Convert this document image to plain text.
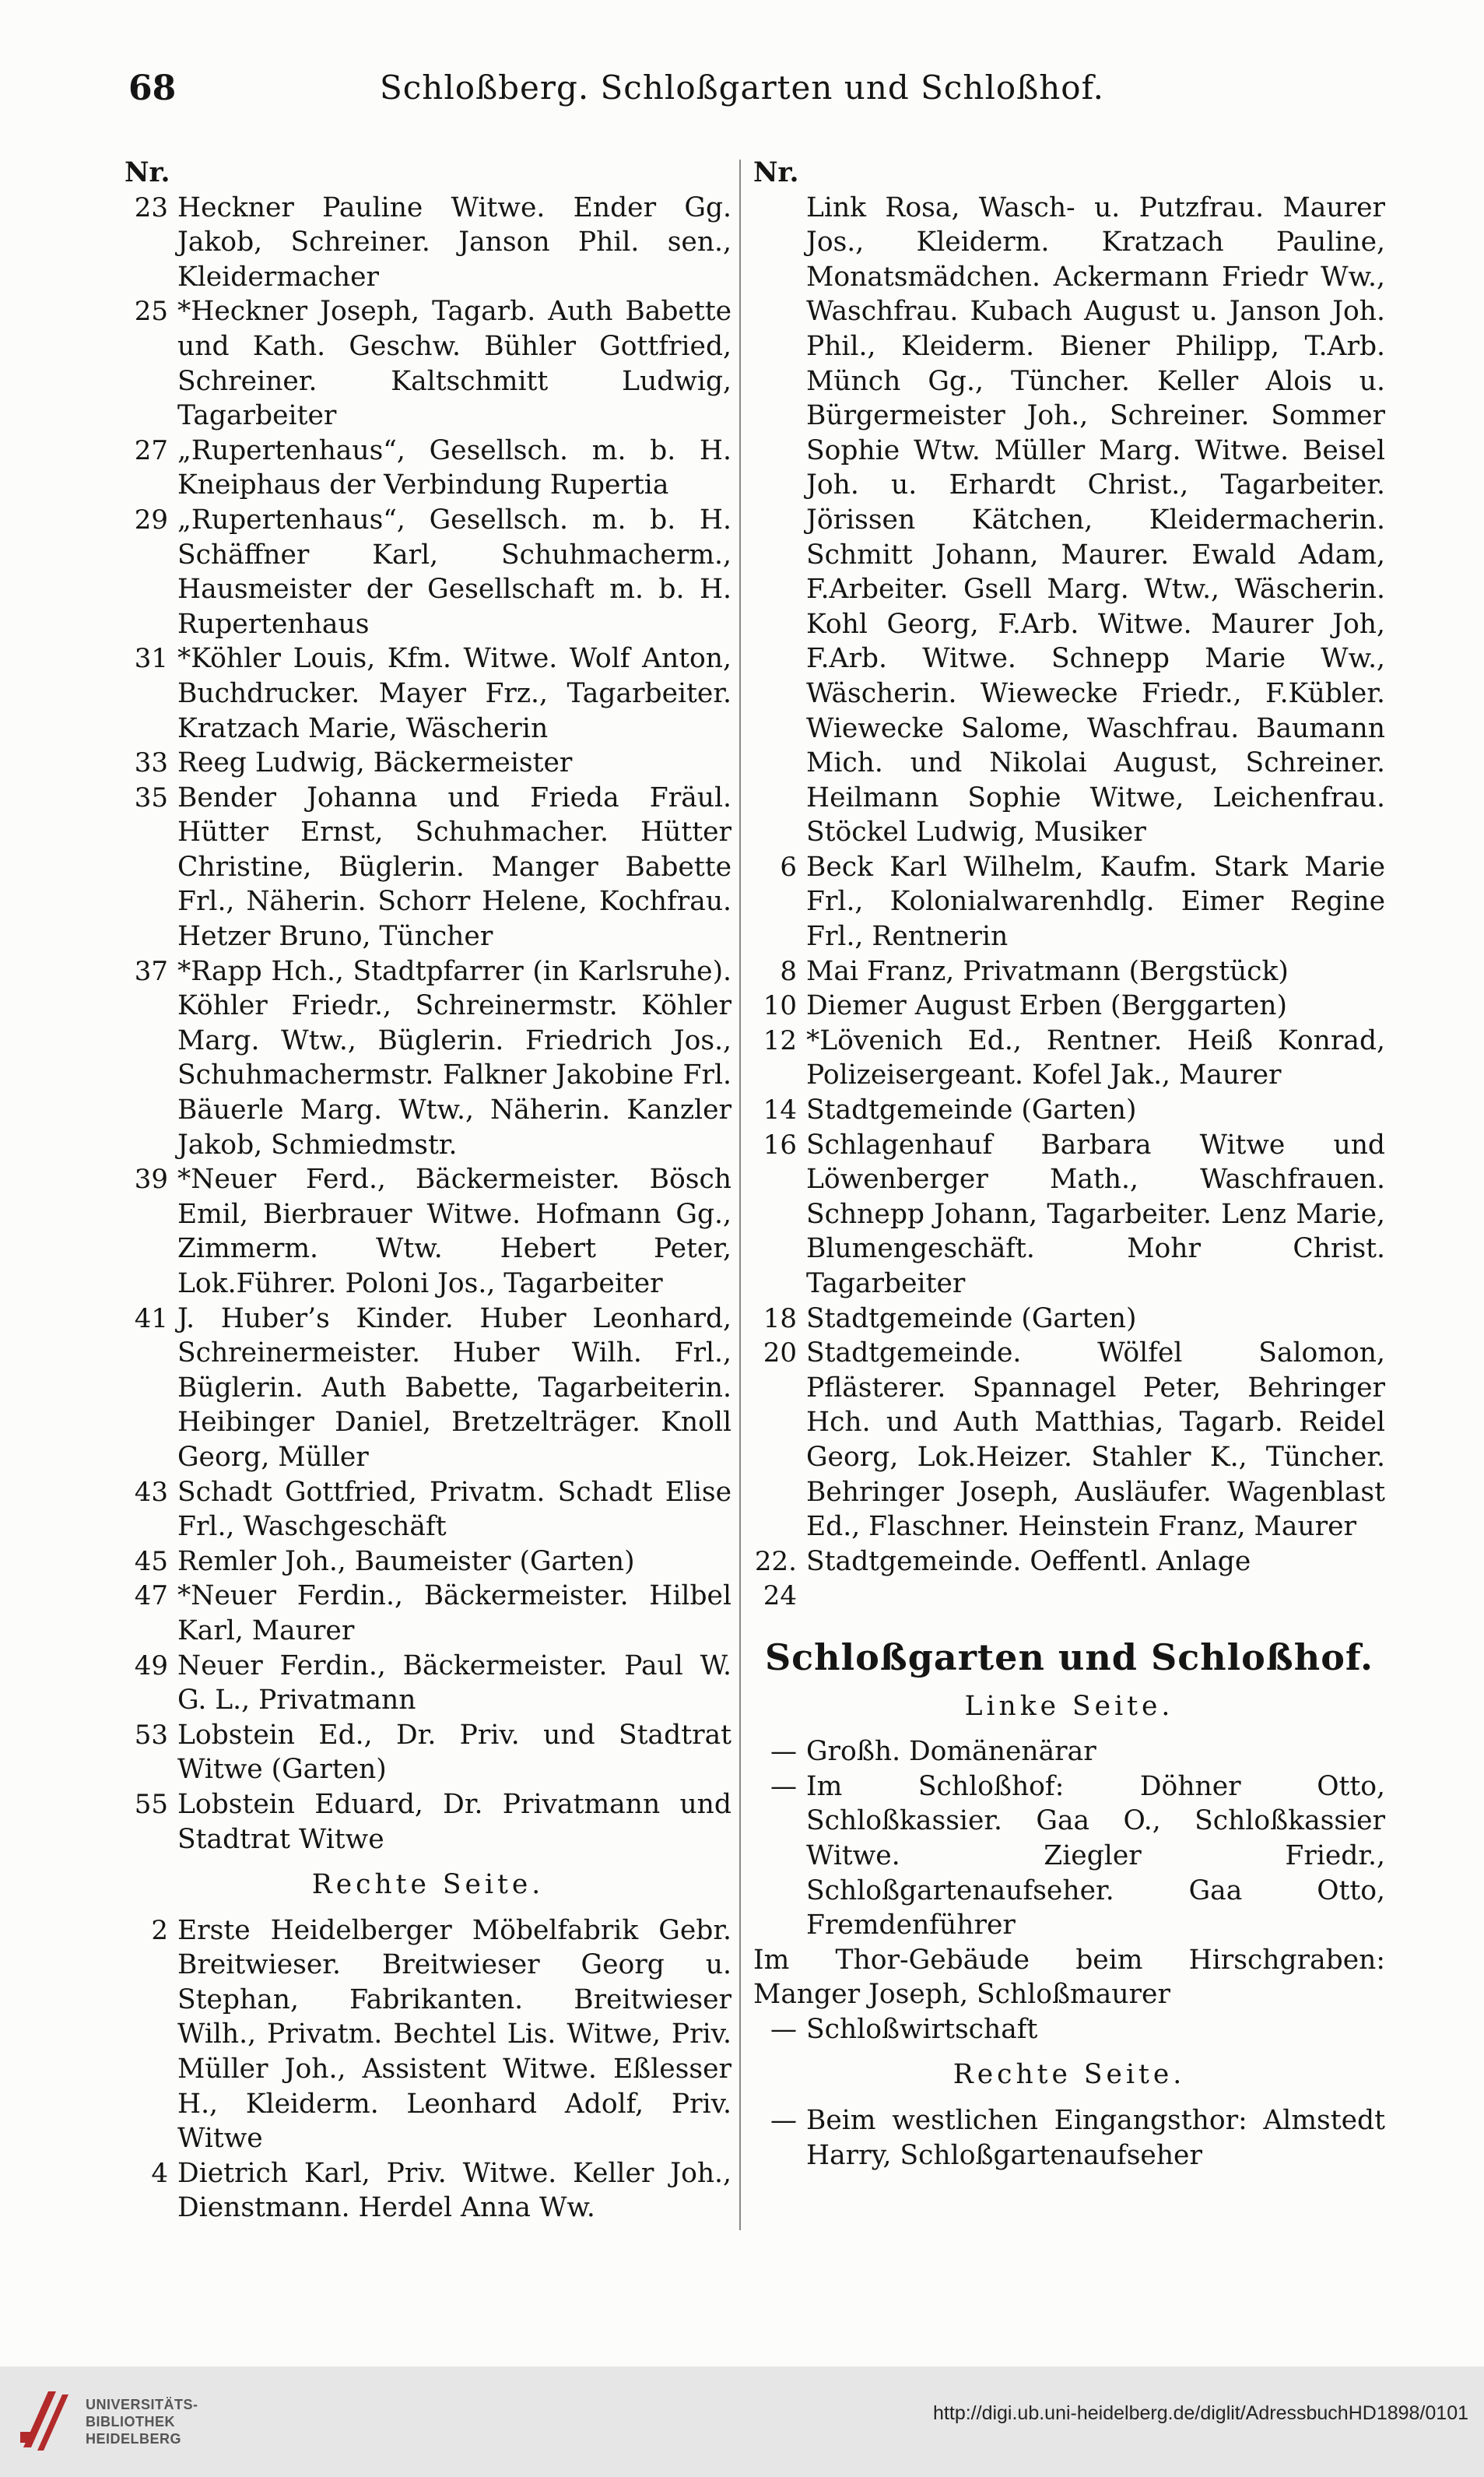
Schloßberg. Schloßgarten und Schloßhof.
68
Nr.
23 Heckner Pauline Witwe. Ender Gg. Jakob, Schreiner. Janson Phil. sen., Kleidermacher
25 *Heckner Joseph, Tagarb. Auth Babette und Kath. Geschw. Bühler Gottfried, Schreiner. Kaltschmitt Ludwig, Tagarbeiter
27 „Rupertenhaus“, Gesellsch. m. b. H. Kneiphaus der Verbindung Rupertia
29 „Rupertenhaus“, Gesellsch. m. b. H. Schäffner Karl, Schuhmacherm., Hausmeister der Gesellschaft m. b. H. Rupertenhaus
31 *Köhler Louis, Kfm. Witwe. Wolf Anton, Buchdrucker. Mayer Frz., Tagarbeiter. Kratzach Marie, Wäscherin
33 Reeg Ludwig, Bäckermeister
35 Bender Johanna und Frieda Fräul. Hütter Ernst, Schuhmacher. Hütter Christine, Büglerin. Manger Babette Frl., Näherin. Schorr Helene, Kochfrau. Hetzer Bruno, Tüncher
37 *Rapp Hch., Stadtpfarrer (in Karlsruhe). Köhler Friedr., Schreinermstr. Köhler Marg. Wtw., Büglerin. Friedrich Jos., Schuhmachermstr. Falkner Jakobine Frl. Bäuerle Marg. Wtw., Näherin. Kanzler Jakob, Schmiedmstr.
39 *Neuer Ferd., Bäckermeister. Bösch Emil, Bierbrauer Witwe. Hofmann Gg., Zimmerm. Wtw. Hebert Peter, Lok.Führer. Poloni Jos., Tagarbeiter
41 J. Huber’s Kinder. Huber Leonhard, Schreinermeister. Huber Wilh. Frl., Büglerin. Auth Babette, Tagarbeiterin. Heibinger Daniel, Bretzelträger. Knoll Georg, Müller
43 Schadt Gottfried, Privatm. Schadt Elise Frl., Waschgeschäft
45 Remler Joh., Baumeister (Garten)
47 *Neuer Ferdin., Bäckermeister. Hilbel Karl, Maurer
49 Neuer Ferdin., Bäckermeister. Paul W. G. L., Privatmann
53 Lobstein Ed., Dr. Priv. und Stadtrat Witwe (Garten)
55 Lobstein Eduard, Dr. Privatmann und Stadtrat Witwe
Rechte Seite.
2 Erste Heidelberger Möbelfabrik Gebr. Breitwieser. Breitwieser Georg u. Stephan, Fabrikanten. Breitwieser Wilh., Privatm. Bechtel Lis. Witwe, Priv. Müller Joh., Assistent Witwe. Eßlesser H., Kleiderm. Leonhard Adolf, Priv. Witwe
4 Dietrich Karl, Priv. Witwe. Keller Joh., Dienstmann. Herdel Anna Ww.
Nr.
Link Rosa, Wasch- u. Putzfrau. Maurer Jos., Kleiderm. Kratzach Pauline, Monatsmädchen. Ackermann Friedr Ww., Waschfrau. Kubach August u. Janson Joh. Phil., Kleiderm. Biener Philipp, T.Arb. Münch Gg., Tüncher. Keller Alois u. Bürgermeister Joh., Schreiner. Sommer Sophie Wtw. Müller Marg. Witwe. Beisel Joh. u. Erhardt Christ., Tagarbeiter. Jörissen Kätchen, Kleidermacherin. Schmitt Johann, Maurer. Ewald Adam, F.Arbeiter. Gsell Marg. Wtw., Wäscherin. Kohl Georg, F.Arb. Witwe. Maurer Joh, F.Arb. Witwe. Schnepp Marie Ww., Wäscherin. Wiewecke Friedr., F.Kübler. Wiewecke Salome, Waschfrau. Baumann Mich. und Nikolai August, Schreiner. Heilmann Sophie Witwe, Leichenfrau. Stöckel Ludwig, Musiker
6 Beck Karl Wilhelm, Kaufm. Stark Marie Frl., Kolonialwarenhdlg. Eimer Regine Frl., Rentnerin
8 Mai Franz, Privatmann (Bergstück)
10 Diemer August Erben (Berggarten)
12 *Lövenich Ed., Rentner. Heiß Konrad, Polizeisergeant. Kofel Jak., Maurer
14 Stadtgemeinde (Garten)
16 Schlagenhauf Barbara Witwe und Löwenberger Math., Waschfrauen. Schnepp Johann, Tagarbeiter. Lenz Marie, Blumengeschäft. Mohr Christ. Tagarbeiter
18 Stadtgemeinde (Garten)
20 Stadtgemeinde. Wölfel Salomon, Pflästerer. Spannagel Peter, Behringer Hch. und Auth Matthias, Tagarb. Reidel Georg, Lok.Heizer. Stahler K., Tüncher. Behringer Joseph, Ausläufer. Wagenblast Ed., Flaschner. Heinstein Franz, Maurer
22. 24
Stadtgemeinde. Oeffentl. Anlage
Schloßgarten und Schloßhof.
Linke Seite.
— Großh. Domänenärar
— Im Schloßhof: Döhner Otto, Schloßkassier. Gaa O., Schloßkassier Witwe. Ziegler Friedr., Schloßgartenaufseher. Gaa Otto, Fremdenführer
Im Thor-Gebäude beim Hirschgraben: Manger Joseph, Schloßmaurer
— Schloßwirtschaft
Rechte Seite.
— Beim westlichen Eingangsthor: Almstedt Harry, Schloßgartenaufseher
UNIVERSITÄTS-
BIBLIOTHEK
HEIDELBERG
http://digi.ub.uni-heidelberg.de/diglit/AdressbuchHD1898/0101
